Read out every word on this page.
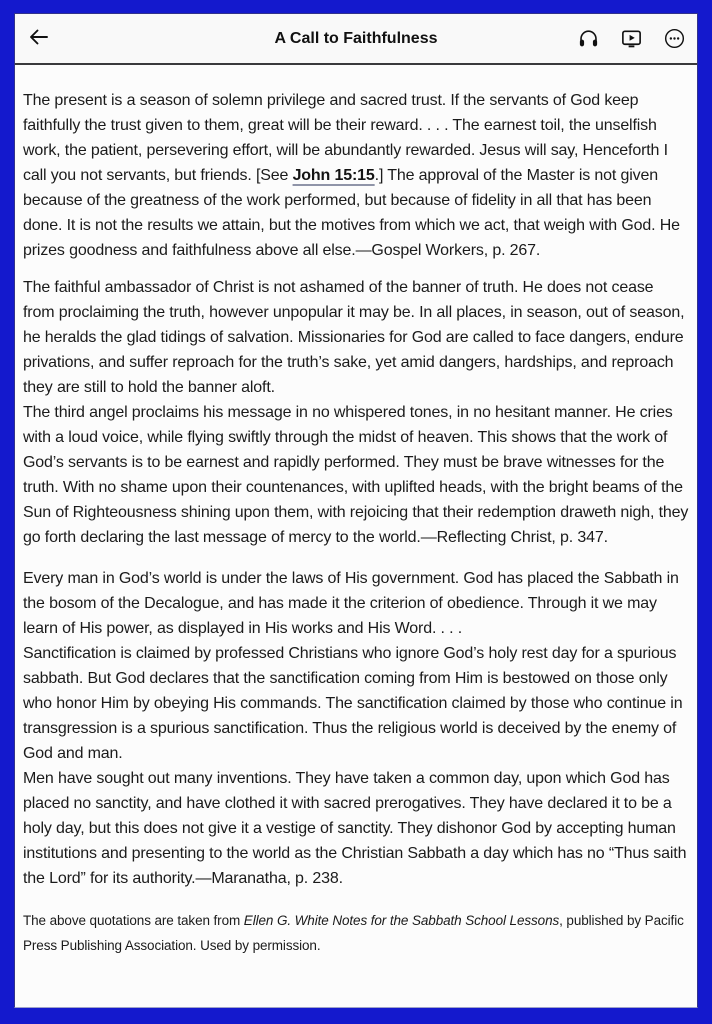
A Call to Faithfulness

The present is a season of solemn privilege and sacred trust. If the servants of God keep faithfully the trust given to them, great will be their reward. . . . The earnest toil, the unselfish work, the patient, persevering effort, will be abundantly rewarded. Jesus will say, Henceforth I call you not servants, but friends. [See John 15:15.] The approval of the Master is not given because of the greatness of the work performed, but because of fidelity in all that has been done. It is not the results we attain, but the motives from which we act, that weigh with God. He prizes goodness and faithfulness above all else.—Gospel Workers, p. 267.

The faithful ambassador of Christ is not ashamed of the banner of truth. He does not cease from proclaiming the truth, however unpopular it may be. In all places, in season, out of season, he heralds the glad tidings of salvation. Missionaries for God are called to face dangers, endure privations, and suffer reproach for the truth’s sake, yet amid dangers, hardships, and reproach they are still to hold the banner aloft.

The third angel proclaims his message in no whispered tones, in no hesitant manner. He cries with a loud voice, while flying swiftly through the midst of heaven. This shows that the work of God’s servants is to be earnest and rapidly performed. They must be brave witnesses for the truth. With no shame upon their countenances, with uplifted heads, with the bright beams of the Sun of Righteousness shining upon them, with rejoicing that their redemption draweth nigh, they go forth declaring the last message of mercy to the world.—Reflecting Christ, p. 347.

Every man in God’s world is under the laws of His government. God has placed the Sabbath in the bosom of the Decalogue, and has made it the criterion of obedience. Through it we may learn of His power, as displayed in His works and His Word. . . .

Sanctification is claimed by professed Christians who ignore God’s holy rest day for a spurious sabbath. But God declares that the sanctification coming from Him is bestowed on those only who honor Him by obeying His commands. The sanctification claimed by those who continue in transgression is a spurious sanctification. Thus the religious world is deceived by the enemy of God and man.

Men have sought out many inventions. They have taken a common day, upon which God has placed no sanctity, and have clothed it with sacred prerogatives. They have declared it to be a holy day, but this does not give it a vestige of sanctity. They dishonor God by accepting human institutions and presenting to the world as the Christian Sabbath a day which has no “Thus saith the Lord” for its authority.—Maranatha, p. 238.

The above quotations are taken from Ellen G. White Notes for the Sabbath School Lessons, published by Pacific Press Publishing Association. Used by permission.
